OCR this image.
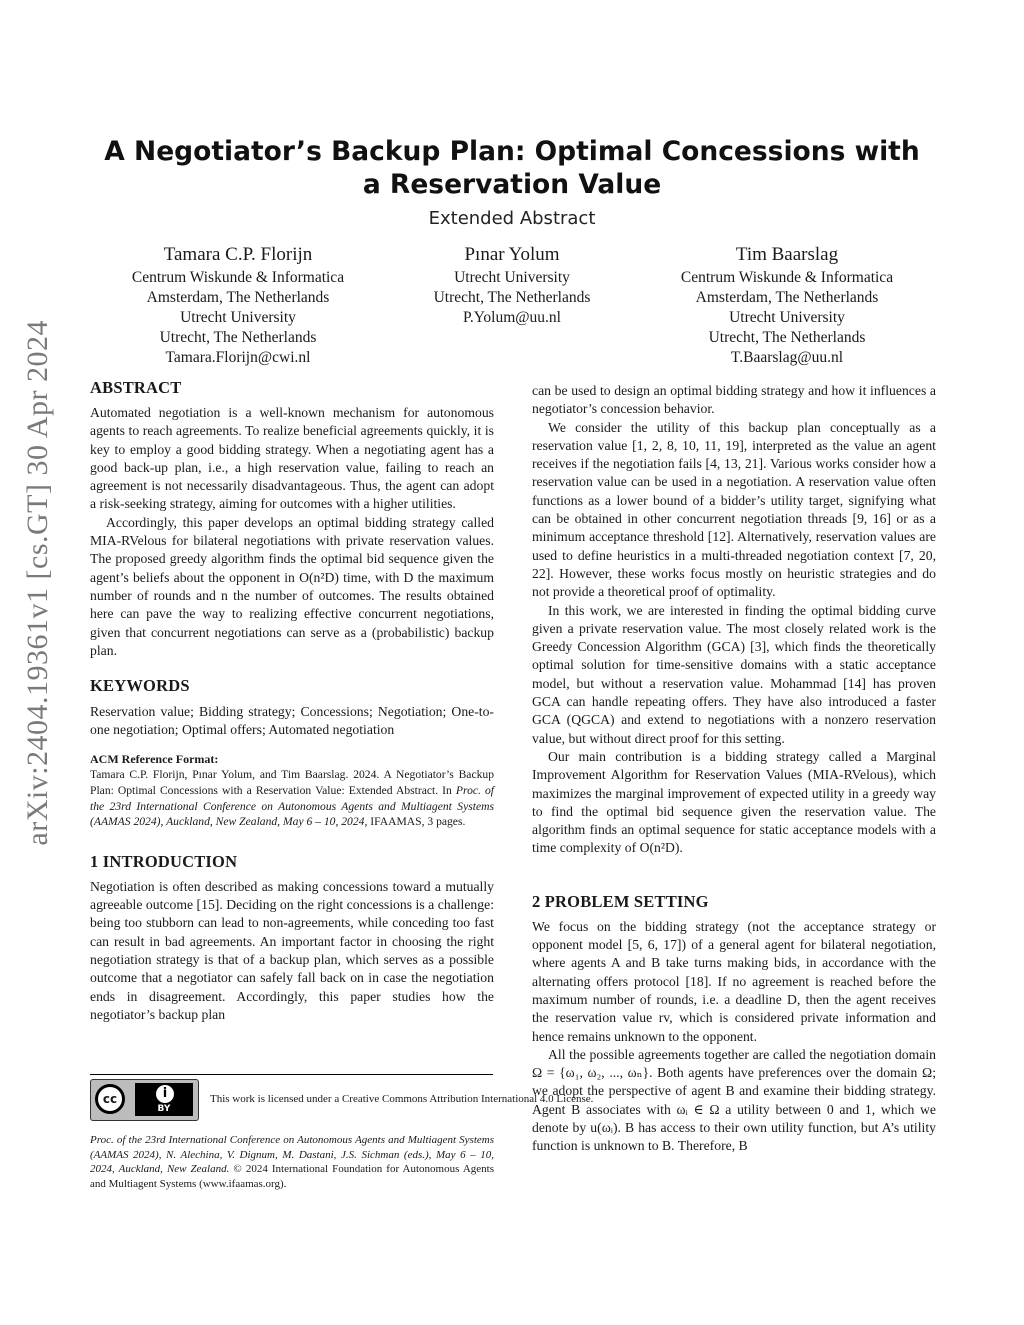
arXiv:2404.19361v1 [cs.GT] 30 Apr 2024
A Negotiator’s Backup Plan: Optimal Concessions with a Reservation Value
Extended Abstract
Tamara C.P. Florijn
Centrum Wiskunde & Informatica
Amsterdam, The Netherlands
Utrecht University
Utrecht, The Netherlands
Tamara.Florijn@cwi.nl
Pınar Yolum
Utrecht University
Utrecht, The Netherlands
P.Yolum@uu.nl
Tim Baarslag
Centrum Wiskunde & Informatica
Amsterdam, The Netherlands
Utrecht University
Utrecht, The Netherlands
T.Baarslag@uu.nl
ABSTRACT

Automated negotiation is a well-known mechanism for autonomous agents to reach agreements. To realize beneficial agreements quickly, it is key to employ a good bidding strategy. When a negotiating agent has a good back-up plan, i.e., a high reservation value, failing to reach an agreement is not necessarily disadvantageous. Thus, the agent can adopt a risk-seeking strategy, aiming for outcomes with a higher utilities.

Accordingly, this paper develops an optimal bidding strategy called MIA-RVelous for bilateral negotiations with private reservation values. The proposed greedy algorithm finds the optimal bid sequence given the agent’s beliefs about the opponent in O(n²D) time, with D the maximum number of rounds and n the number of outcomes. The results obtained here can pave the way to realizing effective concurrent negotiations, given that concurrent negotiations can serve as a (probabilistic) backup plan.

KEYWORDS

Reservation value; Bidding strategy; Concessions; Negotiation; One-to-one negotiation; Optimal offers; Automated negotiation

ACM Reference Format:
Tamara C.P. Florijn, Pınar Yolum, and Tim Baarslag. 2024. A Negotiator’s Backup Plan: Optimal Concessions with a Reservation Value: Extended Abstract. In Proc. of the 23rd International Conference on Autonomous Agents and Multiagent Systems (AAMAS 2024), Auckland, New Zealand, May 6 – 10, 2024, IFAAMAS, 3 pages.
1 INTRODUCTION

Negotiation is often described as making concessions toward a mutually agreeable outcome [15]. Deciding on the right concessions is a challenge: being too stubborn can lead to non-agreements, while conceding too fast can result in bad agreements. An important factor in choosing the right negotiation strategy is that of a backup plan, which serves as a possible outcome that a negotiator can safely fall back on in case the negotiation ends in disagreement. Accordingly, this paper studies how the negotiator’s backup plan

cc	i
BY
This work is licensed under a Creative Commons Attribution International 4.0 License.
Proc. of the 23rd International Conference on Autonomous Agents and Multiagent Systems (AAMAS 2024), N. Alechina, V. Dignum, M. Dastani, J.S. Sichman (eds.), May 6 – 10, 2024, Auckland, New Zealand. © 2024 International Foundation for Autonomous Agents and Multiagent Systems (www.ifaamas.org).

can be used to design an optimal bidding strategy and how it influences a negotiator’s concession behavior.

We consider the utility of this backup plan conceptually as a reservation value [1, 2, 8, 10, 11, 19], interpreted as the value an agent receives if the negotiation fails [4, 13, 21]. Various works consider how a reservation value can be used in a negotiation. A reservation value often functions as a lower bound of a bidder’s utility target, signifying what can be obtained in other concurrent negotiation threads [9, 16] or as a minimum acceptance threshold [12]. Alternatively, reservation values are used to define heuristics in a multi-threaded negotiation context [7, 20, 22]. However, these works focus mostly on heuristic strategies and do not provide a theoretical proof of optimality.

In this work, we are interested in finding the optimal bidding curve given a private reservation value. The most closely related work is the Greedy Concession Algorithm (GCA) [3], which finds the theoretically optimal solution for time-sensitive domains with a static acceptance model, but without a reservation value. Mohammad [14] has proven GCA can handle repeating offers. They have also introduced a faster GCA (QGCA) and extend to negotiations with a nonzero reservation value, but without direct proof for this setting.

Our main contribution is a bidding strategy called a Marginal Improvement Algorithm for Reservation Values (MIA-RVelous), which maximizes the marginal improvement of expected utility in a greedy way to find the optimal bid sequence given the reservation value. The algorithm finds an optimal sequence for static acceptance models with a time complexity of O(n²D).

2 PROBLEM SETTING

We focus on the bidding strategy (not the acceptance strategy or opponent model [5, 6, 17]) of a general agent for bilateral negotiation, where agents A and B take turns making bids, in accordance with the alternating offers protocol [18]. If no agreement is reached before the maximum number of rounds, i.e. a deadline D, then the agent receives the reservation value rv, which is considered private information and hence remains unknown to the opponent.

All the possible agreements together are called the negotiation domain Ω = {ω₁, ω₂, ..., ωₙ}. Both agents have preferences over the domain Ω; we adopt the perspective of agent B and examine their bidding strategy. Agent B associates with ωᵢ ∈ Ω a utility between 0 and 1, which we denote by u(ωᵢ). B has access to their own utility function, but A’s utility function is unknown to B. Therefore, B
